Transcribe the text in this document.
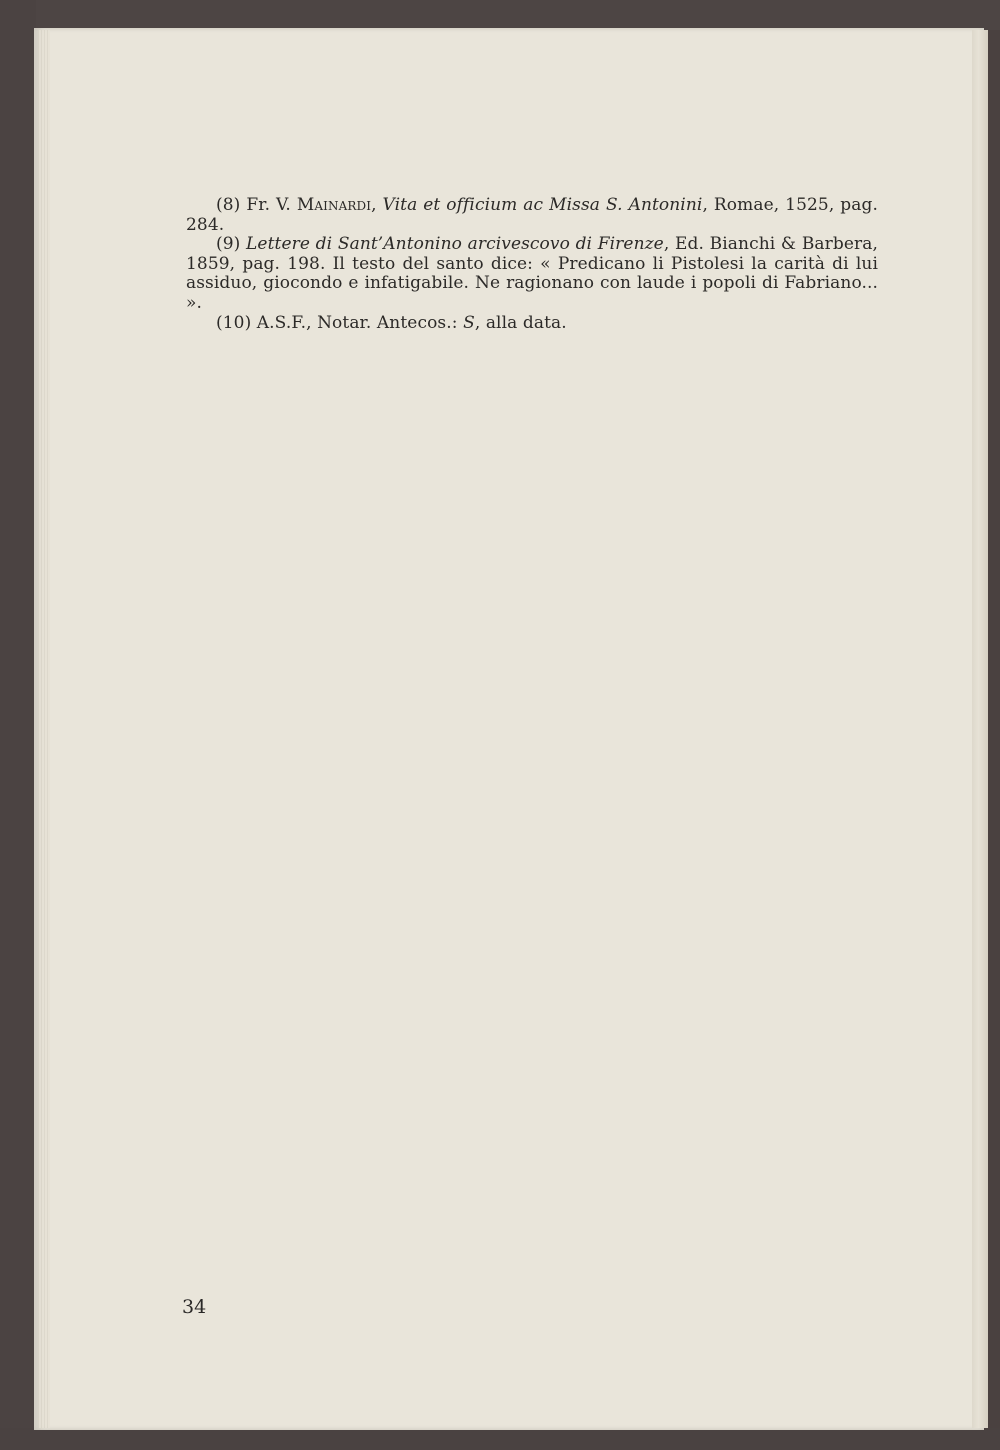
(8) Fr. V. Mainardi, Vita et officium ac Missa S. Antonini, Romae, 1525, pag. 284.

(9) Lettere di Sant’Antonino arcivescovo di Firenze, Ed. Bianchi & Barbera, 1859, pag. 198. Il testo del santo dice: « Predicano li Pistolesi la carità di lui assiduo, giocondo e infatigabile. Ne ragionano con laude i popoli di Fabriano... ».

(10) A.S.F., Notar. Antecos.: S, alla data.

34
